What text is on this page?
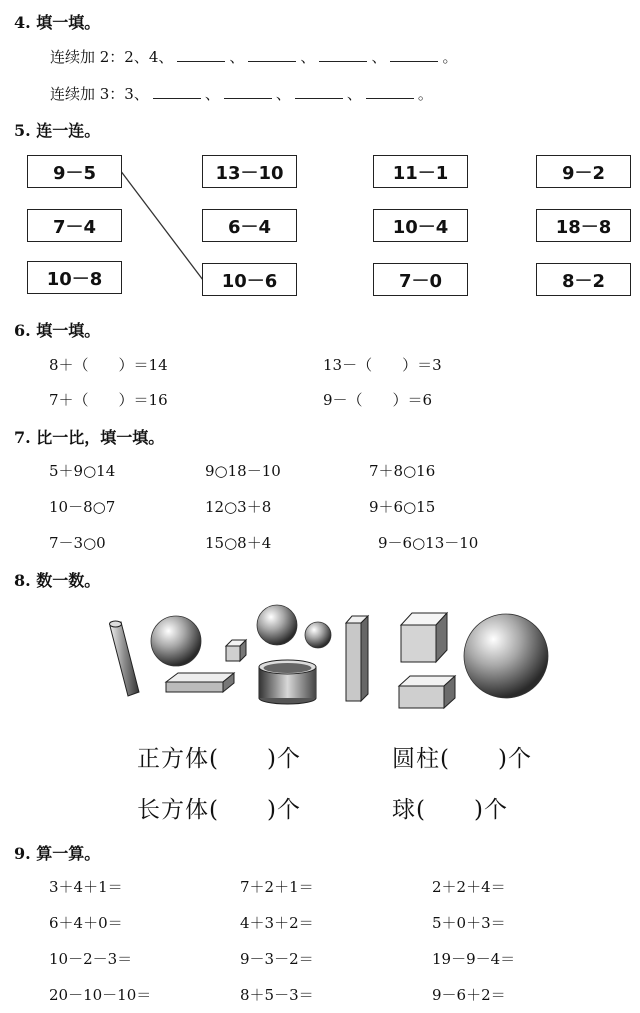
4. 填一填。
连续加 2：2、4、	、	、	、	。
连续加 3：3、	、	、	、	。
5. 连一连。
9－5	13－10	11－1	9－2
7－4	6－4	10－4	18－8
10－8	10－6	7－0	8－2
6. 填一填。
8＋（　　）＝14	13－（　　）＝3
7＋（　　）＝16	9－（　　）＝6
7. 比一比，填一填。
5＋9○14	9○18－10	7＋8○16
10－8○7	12○3＋8	9＋6○15
7－3○0	15○8＋4	9－6○13－10
8. 数一数。
正方体(　　)个	圆柱(　　)个
长方体(　　)个	球(　　)个
9. 算一算。
3＋4＋1＝	7＋2＋1＝	2＋2＋4＝
6＋4＋0＝	4＋3＋2＝	5＋0＋3＝
10－2－3＝	9－3－2＝	19－9－4＝
20－10－10＝	8＋5－3＝	9－6＋2＝
